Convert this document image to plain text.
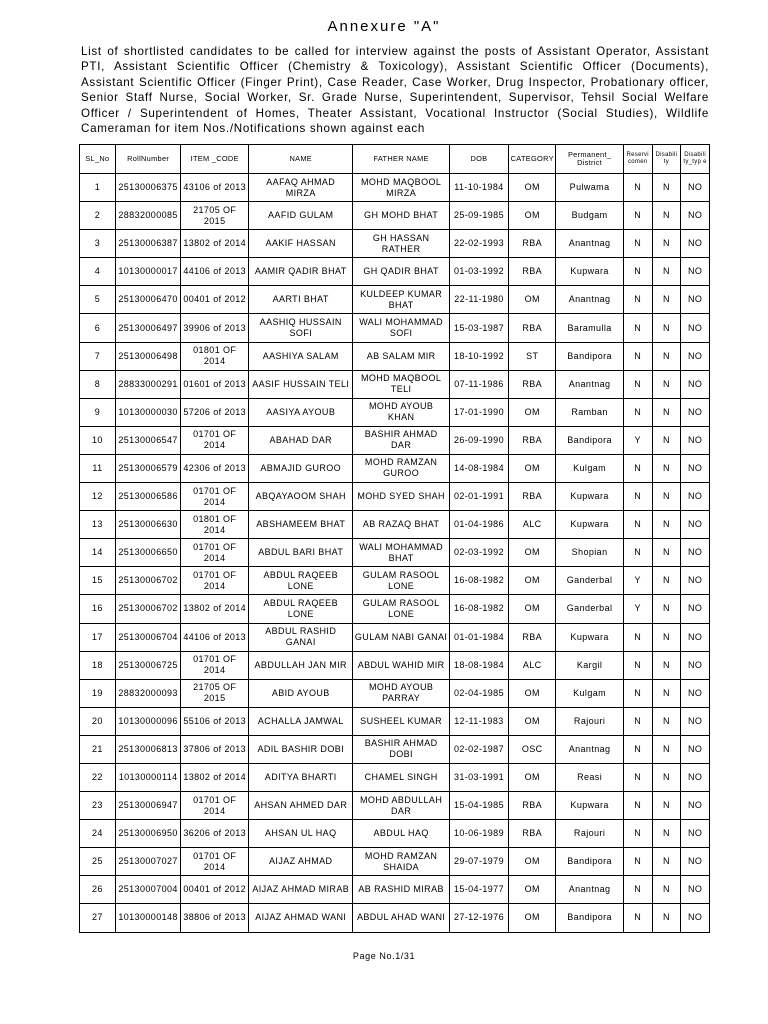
Annexure "A"

List of shortlisted candidates to be called for interview against the posts of Assistant Operator, Assistant PTI, Assistant Scientific Officer (Chemistry & Toxicology), Assistant Scientific Officer (Documents), Assistant Scientific Officer (Finger Print), Case Reader, Case Worker, Drug Inspector, Probationary officer, Senior Staff Nurse, Social Worker, Sr. Grade Nurse, Superintendent, Supervisor, Tehsil Social Welfare Officer / Superintendent of Homes, Theater Assistant, Vocational Instructor (Social Studies), Wildlife Cameraman for item Nos./Notifications shown against each

SL_No	RollNumber	ITEM _CODE	NAME	FATHER NAME	DOB	CATEGORY	Permanent_ District	Reservi comen	Disabili ty	Disabili ty_typ e
1	25130006375	43106 of 2013	AAFAQ AHMAD MIRZA	MOHD MAQBOOL MIRZA	11-10-1984	OM	Pulwama	N	N	NO
2	28832000085	21705 OF 2015	AAFID GULAM	GH MOHD BHAT	25-09-1985	OM	Budgam	N	N	NO
3	25130006387	13802 of 2014	AAKIF HASSAN	GH HASSAN RATHER	22-02-1993	RBA	Anantnag	N	N	NO
4	10130000017	44106 of 2013	AAMIR QADIR BHAT	GH QADIR BHAT	01-03-1992	RBA	Kupwara	N	N	NO
5	25130006470	00401 of 2012	AARTI BHAT	KULDEEP KUMAR BHAT	22-11-1980	OM	Anantnag	N	N	NO
6	25130006497	39906 of 2013	AASHIQ HUSSAIN SOFI	WALI MOHAMMAD SOFI	15-03-1987	RBA	Baramulla	N	N	NO
7	25130006498	01801 OF 2014	AASHIYA SALAM	AB SALAM MIR	18-10-1992	ST	Bandipora	N	N	NO
8	28833000291	01601 of 2013	AASIF HUSSAIN TELI	MOHD MAQBOOL TELI	07-11-1986	RBA	Anantnag	N	N	NO
9	10130000030	57206 of 2013	AASIYA AYOUB	MOHD AYOUB KHAN	17-01-1990	OM	Ramban	N	N	NO
10	25130006547	01701 OF 2014	ABAHAD DAR	BASHIR AHMAD DAR	26-09-1990	RBA	Bandipora	Y	N	NO
11	25130006579	42306 of 2013	ABMAJID GUROO	MOHD RAMZAN GUROO	14-08-1984	OM	Kulgam	N	N	NO
12	25130006586	01701 OF 2014	ABQAYAOOM SHAH	MOHD SYED SHAH	02-01-1991	RBA	Kupwara	N	N	NO
13	25130006630	01801 OF 2014	ABSHAMEEM BHAT	AB RAZAQ BHAT	01-04-1986	ALC	Kupwara	N	N	NO
14	25130006650	01701 OF 2014	ABDUL BARI BHAT	WALI MOHAMMAD BHAT	02-03-1992	OM	Shopian	N	N	NO
15	25130006702	01701 OF 2014	ABDUL RAQEEB LONE	GULAM RASOOL LONE	16-08-1982	OM	Ganderbal	Y	N	NO
16	25130006702	13802 of 2014	ABDUL RAQEEB LONE	GULAM RASOOL LONE	16-08-1982	OM	Ganderbal	Y	N	NO
17	25130006704	44106 of 2013	ABDUL RASHID GANAI	GULAM NABI GANAI	01-01-1984	RBA	Kupwara	N	N	NO
18	25130006725	01701 OF 2014	ABDULLAH JAN MIR	ABDUL WAHID MIR	18-08-1984	ALC	Kargil	N	N	NO
19	28832000093	21705 OF 2015	ABID AYOUB	MOHD AYOUB PARRAY	02-04-1985	OM	Kulgam	N	N	NO
20	10130000096	55106 of 2013	ACHALLA JAMWAL	SUSHEEL KUMAR	12-11-1983	OM	Rajouri	N	N	NO
21	25130006813	37806 of 2013	ADIL BASHIR DOBI	BASHIR AHMAD DOBI	02-02-1987	OSC	Anantnag	N	N	NO
22	10130000114	13802 of 2014	ADITYA BHARTI	CHAMEL SINGH	31-03-1991	OM	Reasi	N	N	NO
23	25130006947	01701 OF 2014	AHSAN AHMED DAR	MOHD ABDULLAH DAR	15-04-1985	RBA	Kupwara	N	N	NO
24	25130006950	36206 of 2013	AHSAN UL HAQ	ABDUL HAQ	10-06-1989	RBA	Rajouri	N	N	NO
25	25130007027	01701 OF 2014	AIJAZ AHMAD	MOHD RAMZAN SHAIDA	29-07-1979	OM	Bandipora	N	N	NO
26	25130007004	00401 of 2012	AIJAZ AHMAD MIRAB	AB RASHID MIRAB	15-04-1977	OM	Anantnag	N	N	NO
27	10130000148	38806 of 2013	AIJAZ AHMAD WANI	ABDUL AHAD WANI	27-12-1976	OM	Bandipora	N	N	NO
Page No.1/31
